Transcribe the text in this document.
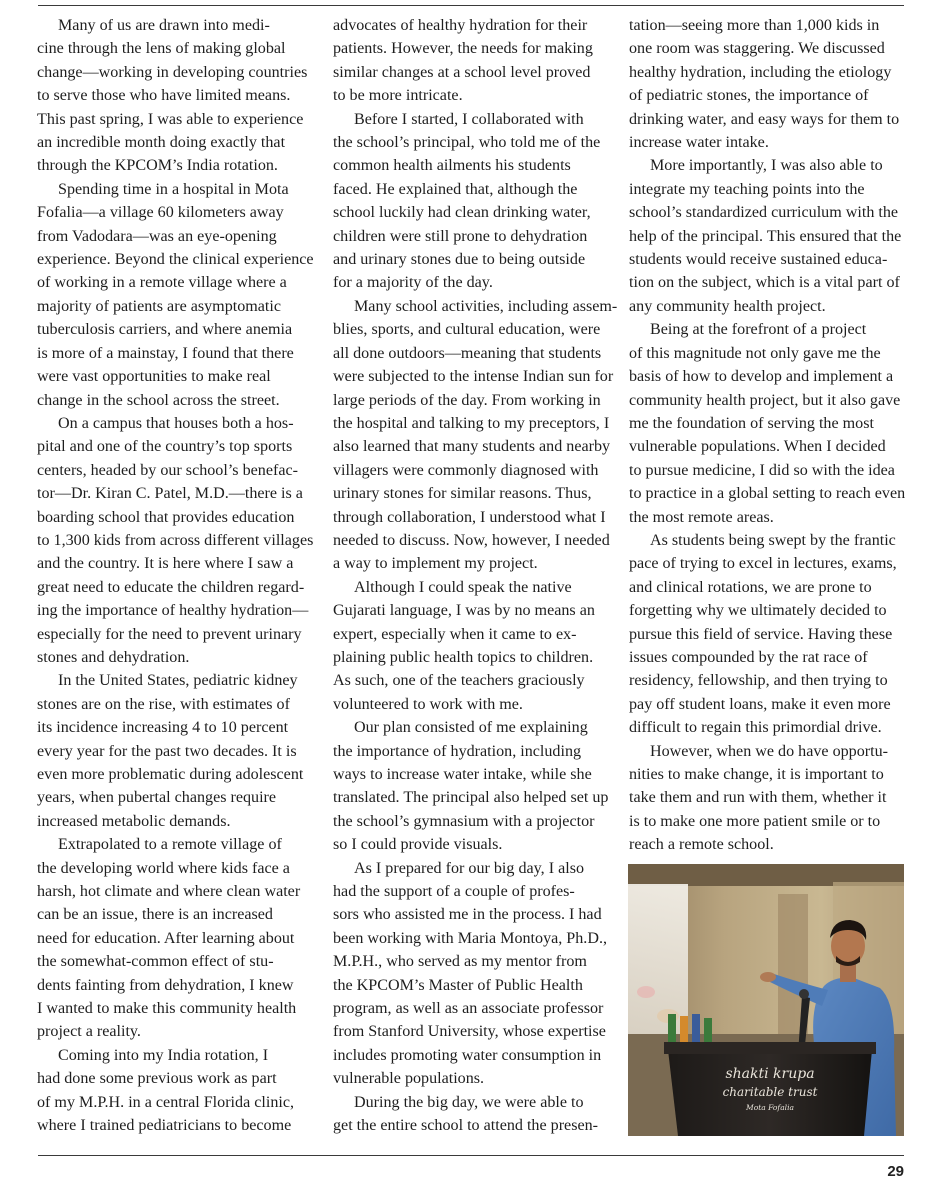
Many of us are drawn into medi-
cine through the lens of making global
change—working in developing countries
to serve those who have limited means.
This past spring, I was able to experience
an incredible month doing exactly that
through the KPCOM’s India rotation.
Spending time in a hospital in Mota
Fofalia—a village 60 kilometers away
from Vadodara—was an eye-opening
experience. Beyond the clinical experience
of working in a remote village where a
majority of patients are asymptomatic
tuberculosis carriers, and where anemia
is more of a mainstay, I found that there
were vast opportunities to make real
change in the school across the street.
On a campus that houses both a hos-
pital and one of the country’s top sports
centers, headed by our school’s benefac-
tor—Dr. Kiran C. Patel, M.D.—there is a
boarding school that provides education
to 1,300 kids from across different villages
and the country. It is here where I saw a
great need to educate the children regard-
ing the importance of healthy hydration—
especially for the need to prevent urinary
stones and dehydration.
In the United States, pediatric kidney
stones are on the rise, with estimates of
its incidence increasing 4 to 10 percent
every year for the past two decades. It is
even more problematic during adolescent
years, when pubertal changes require
increased metabolic demands.
Extrapolated to a remote village of
the developing world where kids face a
harsh, hot climate and where clean water
can be an issue, there is an increased
need for education. After learning about
the somewhat-common effect of stu-
dents fainting from dehydration, I knew
I wanted to make this community health
project a reality.
Coming into my India rotation, I
had done some previous work as part
of my M.P.H. in a central Florida clinic,
where I trained pediatricians to become
advocates of healthy hydration for their
patients. However, the needs for making
similar changes at a school level proved
to be more intricate.
Before I started, I collaborated with
the school’s principal, who told me of the
common health ailments his students
faced. He explained that, although the
school luckily had clean drinking water,
children were still prone to dehydration
and urinary stones due to being outside
for a majority of the day.
Many school activities, including assem-
blies, sports, and cultural education, were
all done outdoors—meaning that students
were subjected to the intense Indian sun for
large periods of the day. From working in
the hospital and talking to my preceptors, I
also learned that many students and nearby
villagers were commonly diagnosed with
urinary stones for similar reasons. Thus,
through collaboration, I understood what I
needed to discuss. Now, however, I needed
a way to implement my project.
Although I could speak the native
Gujarati language, I was by no means an
expert, especially when it came to ex-
plaining public health topics to children.
As such, one of the teachers graciously
volunteered to work with me.
Our plan consisted of me explaining
the importance of hydration, including
ways to increase water intake, while she
translated. The principal also helped set up
the school’s gymnasium with a projector
so I could provide visuals.
As I prepared for our big day, I also
had the support of a couple of profes-
sors who assisted me in the process. I had
been working with Maria Montoya, Ph.D.,
M.P.H., who served as my mentor from
the KPCOM’s Master of Public Health
program, as well as an associate professor
from Stanford University, whose expertise
includes promoting water consumption in
vulnerable populations.
During the big day, we were able to
get the entire school to attend the presen-
tation—seeing more than 1,000 kids in
one room was staggering. We discussed
healthy hydration, including the etiology
of pediatric stones, the importance of
drinking water, and easy ways for them to
increase water intake.
More importantly, I was also able to
integrate my teaching points into the
school’s standardized curriculum with the
help of the principal. This ensured that the
students would receive sustained educa-
tion on the subject, which is a vital part of
any community health project.
Being at the forefront of a project
of this magnitude not only gave me the
basis of how to develop and implement a
community health project, but it also gave
me the foundation of serving the most
vulnerable populations. When I decided
to pursue medicine, I did so with the idea
to practice in a global setting to reach even
the most remote areas.
As students being swept by the frantic
pace of trying to excel in lectures, exams,
and clinical rotations, we are prone to
forgetting why we ultimately decided to
pursue this field of service. Having these
issues compounded by the rat race of
residency, fellowship, and then trying to
pay off student loans, make it even more
difficult to regain this primordial drive.
However, when we do have opportu-
nities to make change, it is important to
take them and run with them, whether it
is to make one more patient smile or to
reach a remote school.
shakti krupa
charitable trust
Mota Fofalia
29
